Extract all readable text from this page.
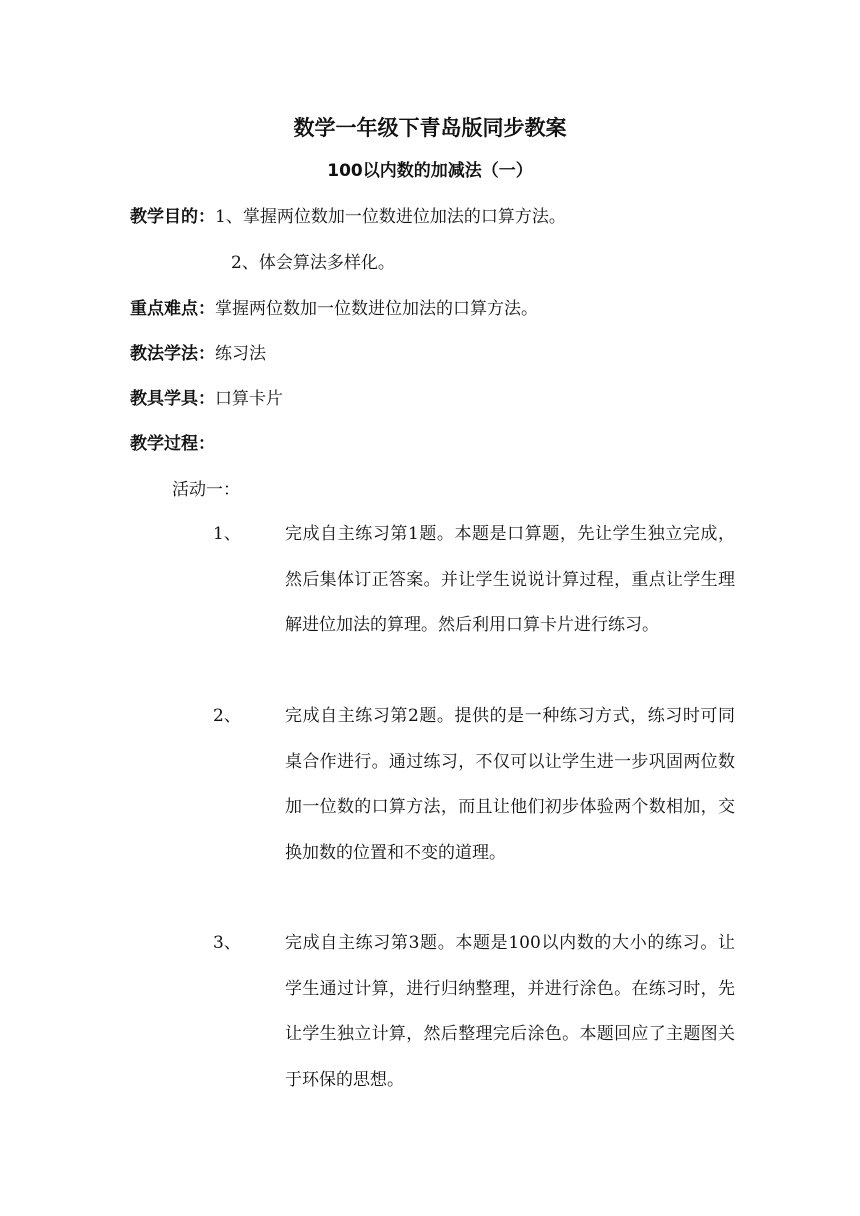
数学一年级下青岛版同步教案
100以内数的加减法（一）
教学目的：1、掌握两位数加一位数进位加法的口算方法。
2、体会算法多样化。
重点难点：掌握两位数加一位数进位加法的口算方法。
教法学法：练习法
教具学具：口算卡片
教学过程：
活动一：
1、	完成自主练习第1题。本题是口算题，先让学生独立完成，然后集体订正答案。并让学生说说计算过程，重点让学生理解进位加法的算理。然后利用口算卡片进行练习。
2、	完成自主练习第2题。提供的是一种练习方式，练习时可同桌合作进行。通过练习，不仅可以让学生进一步巩固两位数加一位数的口算方法，而且让他们初步体验两个数相加，交换加数的位置和不变的道理。
3、	完成自主练习第3题。本题是100以内数的大小的练习。让学生通过计算，进行归纳整理，并进行涂色。在练习时，先让学生独立计算，然后整理完后涂色。本题回应了主题图关于环保的思想。
